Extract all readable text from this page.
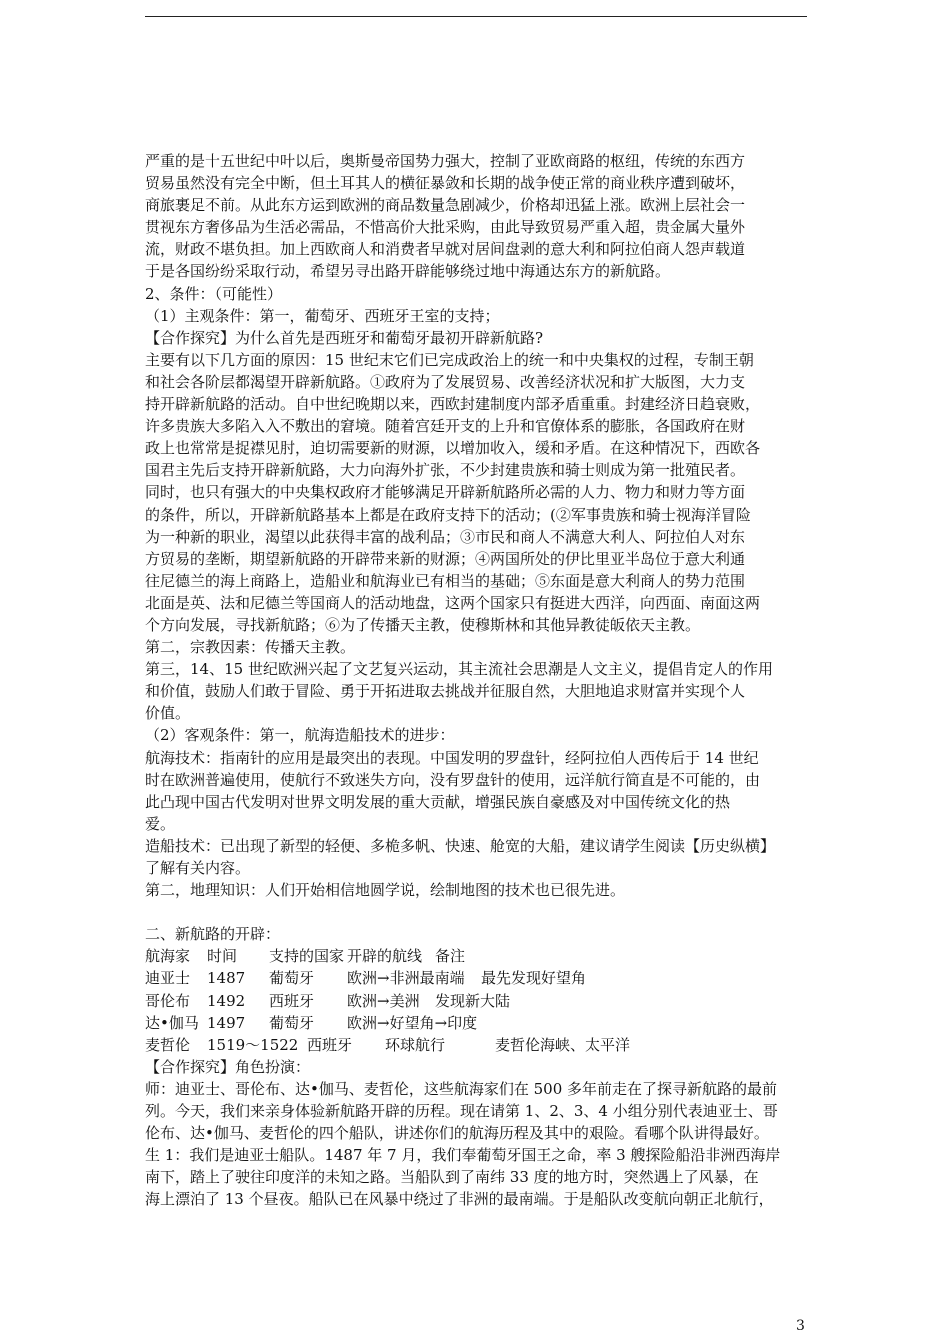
严重的是十五世纪中叶以后，奥斯曼帝国势力强大，控制了亚欧商路的枢纽，传统的东西方
贸易虽然没有完全中断，但土耳其人的横征暴敛和长期的战争使正常的商业秩序遭到破坏，
商旅裹足不前。从此东方运到欧洲的商品数量急剧减少，价格却迅猛上涨。欧洲上层社会一
贯视东方奢侈品为生活必需品，不惜高价大批采购，由此导致贸易严重入超，贵金属大量外
流，财政不堪负担。加上西欧商人和消费者早就对居间盘剥的意大利和阿拉伯商人怨声载道
于是各国纷纷采取行动，希望另寻出路开辟能够绕过地中海通达东方的新航路。
2、条件：（可能性）
（1）主观条件：第一，葡萄牙、西班牙王室的支持；
【合作探究】为什么首先是西班牙和葡萄牙最初开辟新航路?
主要有以下几方面的原因：15 世纪末它们已完成政治上的统一和中央集权的过程，专制王朝
和社会各阶层都渴望开辟新航路。①政府为了发展贸易、改善经济状况和扩大版图，大力支
持开辟新航路的活动。自中世纪晚期以来，西欧封建制度内部矛盾重重。封建经济日趋衰败，
许多贵族大多陷入入不敷出的窘境。随着宫廷开支的上升和官僚体系的膨胀，各国政府在财
政上也常常是捉襟见肘，迫切需要新的财源，以增加收入，缓和矛盾。在这种情况下，西欧各
国君主先后支持开辟新航路，大力向海外扩张，不少封建贵族和骑士则成为第一批殖民者。
同时，也只有强大的中央集权政府才能够满足开辟新航路所必需的人力、物力和财力等方面
的条件，所以，开辟新航路基本上都是在政府支持下的活动；(②军事贵族和骑士视海洋冒险
为一种新的职业，渴望以此获得丰富的战利品；③市民和商人不满意大利人、阿拉伯人对东
方贸易的垄断，期望新航路的开辟带来新的财源；④两国所处的伊比里亚半岛位于意大利通
往尼德兰的海上商路上，造船业和航海业已有相当的基础；⑤东面是意大利商人的势力范围
北面是英、法和尼德兰等国商人的活动地盘，这两个国家只有挺进大西洋，向西面、南面这两
个方向发展，寻找新航路；⑥为了传播天主教，使穆斯林和其他异教徒皈依天主教。
第二，宗教因素：传播天主教。
第三，14、15 世纪欧洲兴起了文艺复兴运动，其主流社会思潮是人文主义，提倡肯定人的作用
和价值，鼓励人们敢于冒险、勇于开拓进取去挑战并征服自然，大胆地追求财富并实现个人
价值。
（2）客观条件：第一，航海造船技术的进步：
航海技术：指南针的应用是最突出的表现。中国发明的罗盘针，经阿拉伯人西传后于 14 世纪
时在欧洲普遍使用，使航行不致迷失方向，没有罗盘针的使用，远洋航行简直是不可能的，由
此凸现中国古代发明对世界文明发展的重大贡献，增强民族自豪感及对中国传统文化的热
爱。
造船技术：已出现了新型的轻便、多桅多帆、快速、舱宽的大船，建议请学生阅读【历史纵横】
了解有关内容。
第二，地理知识：人们开始相信地圆学说，绘制地图的技术也已很先进。
二、新航路的开辟：
航海家	时间	支持的国家 开辟的航线 备注
迪亚士	1487	葡萄牙	欧洲→非洲最南端	最先发现好望角
哥伦布	1492	西班牙	欧洲→美洲	发现新大陆
达•伽马 1497	葡萄牙	欧洲→好望角→印度
麦哲伦	1519～1522 西班牙	环球航行	麦哲伦海峡、太平洋
【合作探究】角色扮演：
师：迪亚士、哥伦布、达•伽马、麦哲伦，这些航海家们在 500 多年前走在了探寻新航路的最前
列。今天，我们来亲身体验新航路开辟的历程。现在请第 1、2、3、4 小组分别代表迪亚士、哥
伦布、达•伽马、麦哲伦的四个船队，讲述你们的航海历程及其中的艰险。看哪个队讲得最好。
生 1：我们是迪亚士船队。1487 年 7 月，我们奉葡萄牙国王之命，率 3 艘探险船沿非洲西海岸
南下，踏上了驶往印度洋的未知之路。当船队到了南纬 33 度的地方时，突然遇上了风暴，在
海上漂泊了 13 个昼夜。船队已在风暴中绕过了非洲的最南端。于是船队改变航向朝正北航行，
3
